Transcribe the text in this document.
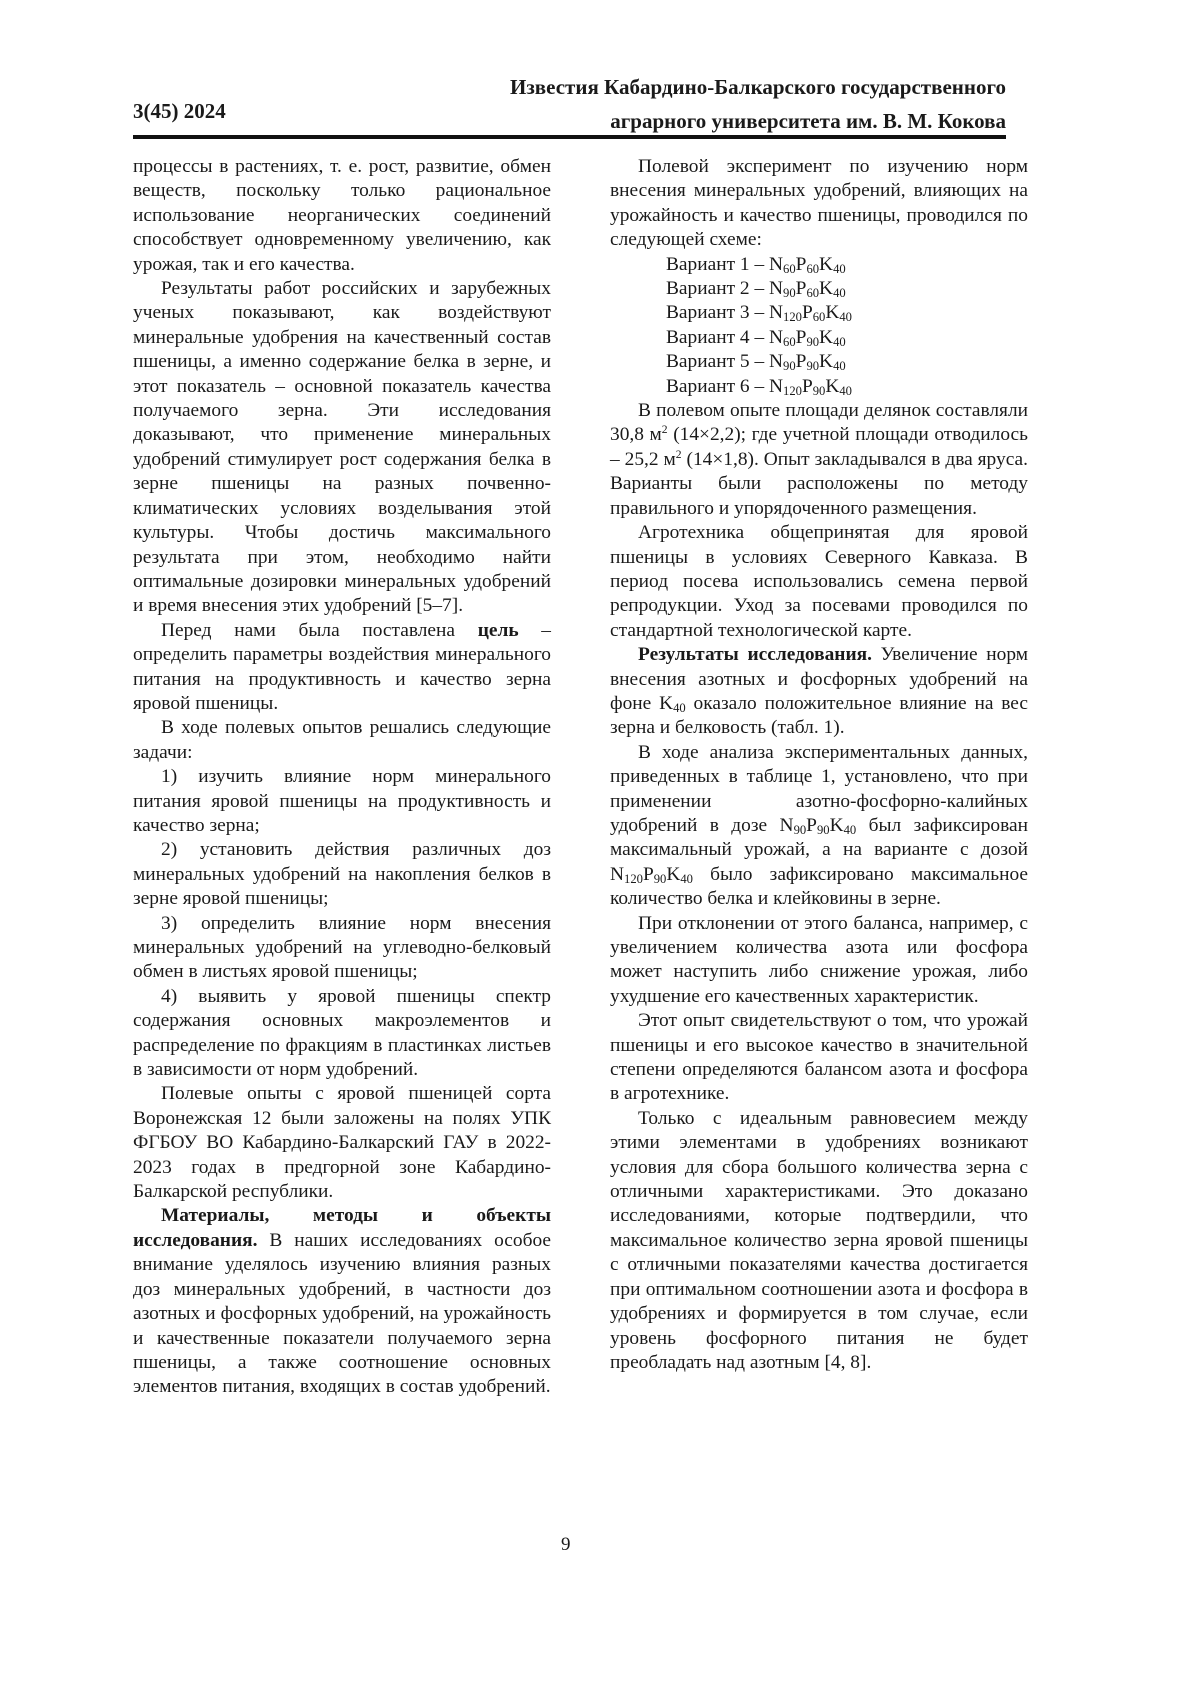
3(45) 2024
Известия Кабардино-Балкарского государственного
аграрного университета им. В. М. Кокова

процессы в растениях, т. е. рост, развитие, обмен веществ, поскольку только рациональное использование неорганических соединений способствует одновременному увеличению, как урожая, так и его качества.

Результаты работ российских и зарубежных ученых показывают, как воздействуют минеральные удобрения на качественный состав пшеницы, а именно содержание белка в зерне, и этот показатель – основной показатель качества получаемого зерна. Эти исследования доказывают, что применение минеральных удобрений стимулирует рост содержания белка в зерне пшеницы на разных почвенно-климатических условиях возделывания этой культуры. Чтобы достичь максимального результата при этом, необходимо найти оптимальные дозировки минеральных удобрений и время внесения этих удобрений [5–7].

Перед нами была поставлена цель – определить параметры воздействия минерального питания на продуктивность и качество зерна яровой пшеницы.

В ходе полевых опытов решались следующие задачи:

1) изучить влияние норм минерального питания яровой пшеницы на продуктивность и качество зерна;

2) установить действия различных доз минеральных удобрений на накопления белков в зерне яровой пшеницы;

3) определить влияние норм внесения минеральных удобрений на углеводно-белковый обмен в листьях яровой пшеницы;

4) выявить у яровой пшеницы спектр содержания основных макроэлементов и распределение по фракциям в пластинках листьев в зависимости от норм удобрений.

Полевые опыты с яровой пшеницей сорта Воронежская 12 были заложены на полях УПК ФГБОУ ВО Кабардино-Балкарский ГАУ в 2022-2023 годах в предгорной зоне Кабардино-Балкарской республики.

Материалы, методы и объекты исследования. В наших исследованиях особое внимание уделялось изучению влияния разных доз минеральных удобрений, в частности доз азотных и фосфорных удобрений, на урожайность и качественные показатели получаемого зерна пшеницы, а также соотношение основных элементов питания, входящих в состав удобрений.

Полевой эксперимент по изучению норм внесения минеральных удобрений, влияющих на урожайность и качество пшеницы, проводился по следующей схеме:

Вариант $1 - N_{60}P_{60}K_{40}$

Вариант $2 - N_{90}P_{60}K_{40}$

Вариант $3 - N_{120}P_{60}K_{40}$

Вариант $4 - N_{60}P_{90}K_{40}$

Вариант $5 - N_{90}P_{90}K_{40}$

Вариант $6 - N_{120}P_{90}K_{40}$

В полевом опыте площади делянок составляли 30,8 $м^2$ (14×2,2); где учетной площади отводилось – 25,2 $м^2$ (14×1,8). Опыт закладывался в два яруса. Варианты были расположены по методу правильного и упорядоченного размещения.

Агротехника общепринятая для яровой пшеницы в условиях Северного Кавказа. В период посева использовались семена первой репродукции. Уход за посевами проводился по стандартной технологической карте.

Результаты исследования. Увеличение норм внесения азотных и фосфорных удобрений на фоне $K_{40}$ оказало положительное влияние на вес зерна и белковость (табл. 1).

В ходе анализа экспериментальных данных, приведенных в таблице 1, установлено, что при применении азотно-фосфорно-калийных удобрений в дозе $N_{90}P_{90}K_{40}$ был зафиксирован максимальный урожай, а на варианте с дозой $N_{120}P_{90}K_{40}$ было зафиксировано максимальное количество белка и клейковины в зерне.

При отклонении от этого баланса, например, с увеличением количества азота или фосфора может наступить либо снижение урожая, либо ухудшение его качественных характеристик.

Этот опыт свидетельствуют о том, что урожай пшеницы и его высокое качество в значительной степени определяются балансом азота и фосфора в агротехнике.

Только с идеальным равновесием между этими элементами в удобрениях возникают условия для сбора большого количества зерна с отличными характеристиками. Это доказано исследованиями, которые подтвердили, что максимальное количество зерна яровой пшеницы с отличными показателями качества достигается при оптимальном соотношении азота и фосфора в удобрениях и формируется в том случае, если уровень фосфорного питания не будет преобладать над азотным [4, 8].

9
